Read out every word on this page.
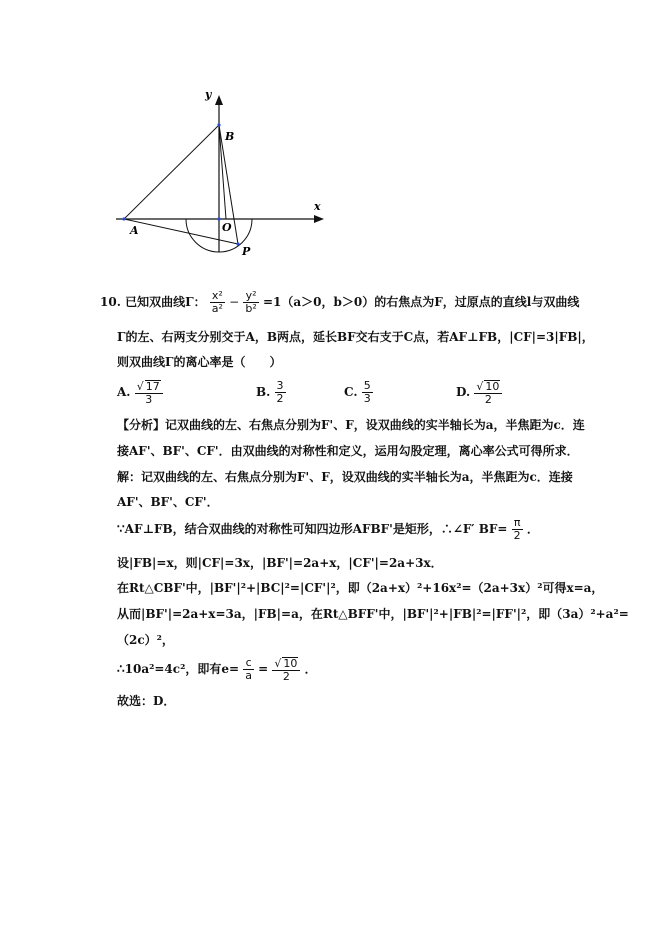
y
x
B
A	O
P
10. 已知双曲线Γ： $\frac{\text{x²}}{\text{a²}} - \frac{\text{y²}}{\text{b²}} =1(a>0$，b＞0）的右焦点为F，过原点的直线l与双曲线
Γ的左、右两支分别交于A，B两点，延长BF交右支于C点，若AF⊥FB，|CF|=3|FB|，
则双曲线Γ的离心率是（　　）
A. $\frac{√ 17}{3}$	B. $\frac{3}{2}$	C. $\frac{5}{3}$	D. $\frac{√ 10}{2}$
【分析】记双曲线的左、右焦点分别为F'、F，设双曲线的实半轴长为a，半焦距为c．连
接AF'、BF'、CF'．由双曲线的对称性和定义，运用勾股定理，离心率公式可得所求．
解：记双曲线的左、右焦点分别为F'、F，设双曲线的实半轴长为a，半焦距为c．连接
AF'、BF'、CF'．
∵AF⊥FB，结合双曲线的对称性可知四边形AFBF'是矩形，∴∠F′ $BF= \frac{\pi}{2}$ ．
设|FB|=x，则|CF|=3x，|BF'|=2a+x，|CF'|=2a+3x．
在Rt△CBF'中，|BF'|²+|BC|²=|CF'|²，即（2a+x）²+16x²=（2a+3x）²可得x=a，
从而|BF'|=2a+x=3a，|FB|=a，在Rt△BFF'中，|BF'|²+|FB|²=|FF'|²，即（3a）²+a²=
（2c）²，
∴10a²=4c²，即有$e= \frac{c}{a} = \frac{√ 10}{2}$ ．
故选：D．
